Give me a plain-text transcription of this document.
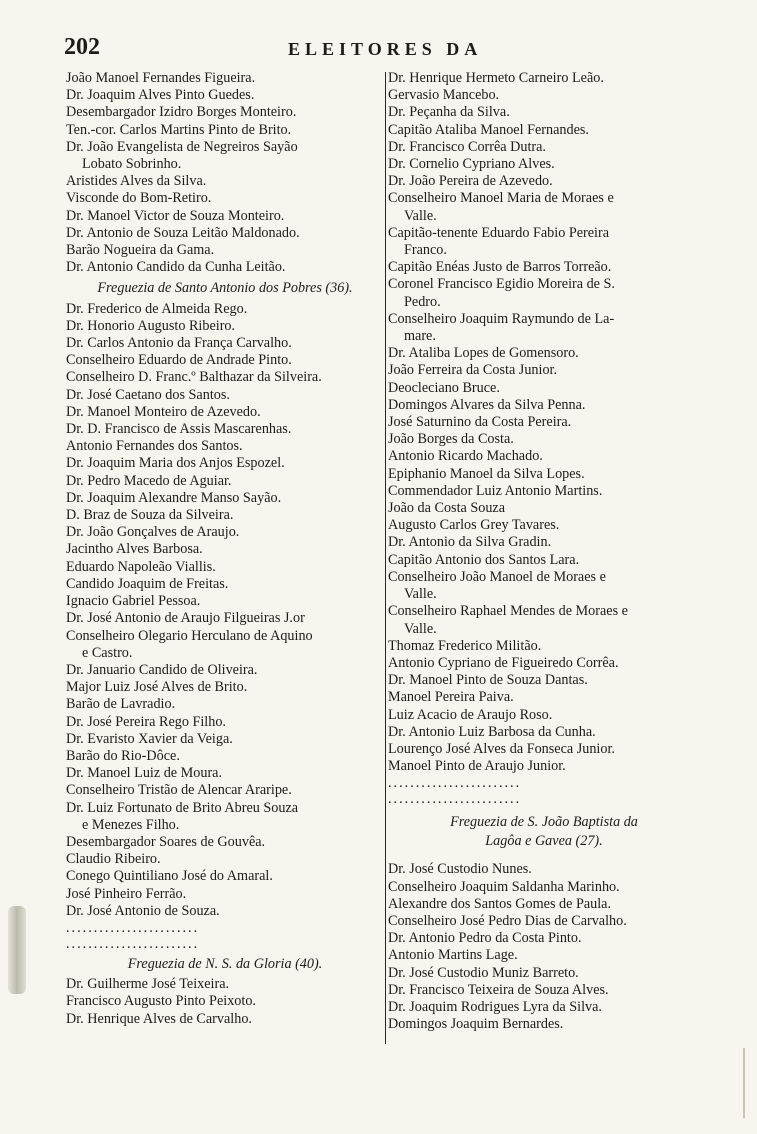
202	ELEITORES DA
João Manoel Fernandes Figueira.
Dr. Joaquim Alves Pinto Guedes.
Desembargador Izidro Borges Monteiro.
Ten.-cor. Carlos Martins Pinto de Brito.
Dr. João Evangelista de Negreiros Sayão
Lobato Sobrinho.
Aristides Alves da Silva.
Visconde do Bom-Retiro.
Dr. Manoel Victor de Souza Monteiro.
Dr. Antonio de Souza Leitão Maldonado.
Barão Nogueira da Gama.
Dr. Antonio Candido da Cunha Leitão.
Freguezia de Santo Antonio dos Pobres (36).
Dr. Frederico de Almeida Rego.
Dr. Honorio Augusto Ribeiro.
Dr. Carlos Antonio da França Carvalho.
Conselheiro Eduardo de Andrade Pinto.
Conselheiro D. Franc.º Balthazar da Silveira.
Dr. José Caetano dos Santos.
Dr. Manoel Monteiro de Azevedo.
Dr. D. Francisco de Assis Mascarenhas.
Antonio Fernandes dos Santos.
Dr. Joaquim Maria dos Anjos Espozel.
Dr. Pedro Macedo de Aguiar.
Dr. Joaquim Alexandre Manso Sayão.
D. Braz de Souza da Silveira.
Dr. João Gonçalves de Araujo.
Jacintho Alves Barbosa.
Eduardo Napoleão Viallis.
Candido Joaquim de Freitas.
Ignacio Gabriel Pessoa.
Dr. José Antonio de Araujo Filgueiras J.or
Conselheiro Olegario Herculano de Aquino
e Castro.
Dr. Januario Candido de Oliveira.
Major Luiz José Alves de Brito.
Barão de Lavradio.
Dr. José Pereira Rego Filho.
Dr. Evaristo Xavier da Veiga.
Barão do Rio-Dôce.
Dr. Manoel Luiz de Moura.
Conselheiro Tristão de Alencar Araripe.
Dr. Luiz Fortunato de Brito Abreu Souza
e Menezes Filho.
Desembargador Soares de Gouvêa.
Claudio Ribeiro.
Conego Quintiliano José do Amaral.
José Pinheiro Ferrão.
Dr. José Antonio de Souza.
........................
........................
Freguezia de N. S. da Gloria (40).
Dr. Guilherme José Teixeira.
Francisco Augusto Pinto Peixoto.
Dr. Henrique Alves de Carvalho.
Dr. Henrique Hermeto Carneiro Leão.
Gervasio Mancebo.
Dr. Peçanha da Silva.
Capitão Ataliba Manoel Fernandes.
Dr. Francisco Corrêa Dutra.
Dr. Cornelio Cypriano Alves.
Dr. João Pereira de Azevedo.
Conselheiro Manoel Maria de Moraes e
Valle.
Capitão-tenente Eduardo Fabio Pereira
Franco.
Capitão Enéas Justo de Barros Torreão.
Coronel Francisco Egidio Moreira de S.
Pedro.
Conselheiro Joaquim Raymundo de La-
mare.
Dr. Ataliba Lopes de Gomensoro.
João Ferreira da Costa Junior.
Deocleciano Bruce.
Domingos Alvares da Silva Penna.
José Saturnino da Costa Pereira.
João Borges da Costa.
Antonio Ricardo Machado.
Epiphanio Manoel da Silva Lopes.
Commendador Luiz Antonio Martins.
João da Costa Souza
Augusto Carlos Grey Tavares.
Dr. Antonio da Silva Gradin.
Capitão Antonio dos Santos Lara.
Conselheiro João Manoel de Moraes e
Valle.
Conselheiro Raphael Mendes de Moraes e
Valle.
Thomaz Frederico Militão.
Antonio Cypriano de Figueiredo Corrêa.
Dr. Manoel Pinto de Souza Dantas.
Manoel Pereira Paiva.
Luiz Acacio de Araujo Roso.
Dr. Antonio Luiz Barbosa da Cunha.
Lourenço José Alves da Fonseca Junior.
Manoel Pinto de Araujo Junior.
........................
........................
Freguezia de S. João Baptista da
Lagôa e Gavea (27).
Dr. José Custodio Nunes.
Conselheiro Joaquim Saldanha Marinho.
Alexandre dos Santos Gomes de Paula.
Conselheiro José Pedro Dias de Carvalho.
Dr. Antonio Pedro da Costa Pinto.
Antonio Martins Lage.
Dr. José Custodio Muniz Barreto.
Dr. Francisco Teixeira de Souza Alves.
Dr. Joaquim Rodrigues Lyra da Silva.
Domingos Joaquim Bernardes.
